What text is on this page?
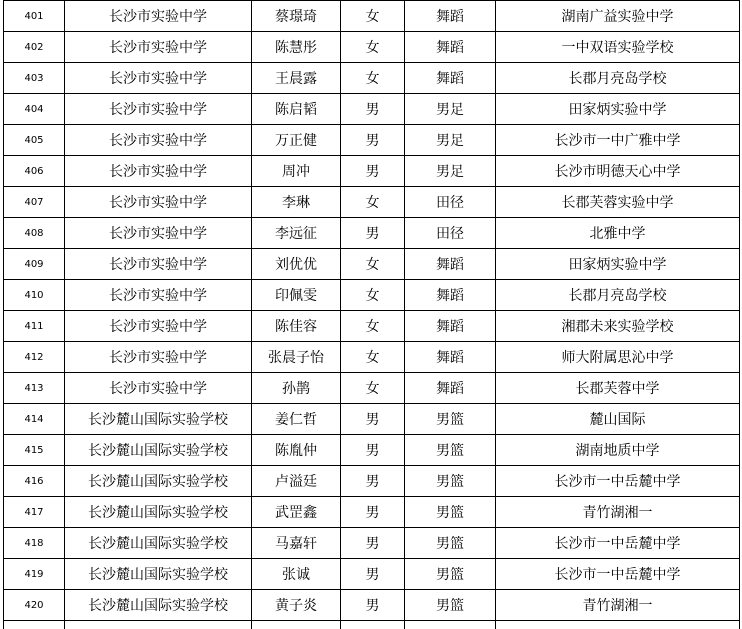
401	长沙市实验中学	蔡璟琦	女	舞蹈	湖南广益实验中学
402	长沙市实验中学	陈慧彤	女	舞蹈	一中双语实验学校
403	长沙市实验中学	王晨露	女	舞蹈	长郡月亮岛学校
404	长沙市实验中学	陈启韬	男	男足	田家炳实验中学
405	长沙市实验中学	万正健	男	男足	长沙市一中广雅中学
406	长沙市实验中学	周冲	男	男足	长沙市明德天心中学
407	长沙市实验中学	李琳	女	田径	长郡芙蓉实验中学
408	长沙市实验中学	李远征	男	田径	北雅中学
409	长沙市实验中学	刘优优	女	舞蹈	田家炳实验中学
410	长沙市实验中学	印佩雯	女	舞蹈	长郡月亮岛学校
411	长沙市实验中学	陈佳容	女	舞蹈	湘郡未来实验学校
412	长沙市实验中学	张晨子怡	女	舞蹈	师大附属思沁中学
413	长沙市实验中学	孙鹊	女	舞蹈	长郡芙蓉中学
414	长沙麓山国际实验学校	姜仁哲	男	男篮	麓山国际
415	长沙麓山国际实验学校	陈胤仲	男	男篮	湖南地质中学
416	长沙麓山国际实验学校	卢溢廷	男	男篮	长沙市一中岳麓中学
417	长沙麓山国际实验学校	武罡鑫	男	男篮	青竹湖湘一
418	长沙麓山国际实验学校	马嘉轩	男	男篮	长沙市一中岳麓中学
419	长沙麓山国际实验学校	张诚	男	男篮	长沙市一中岳麓中学
420	长沙麓山国际实验学校	黄子炎	男	男篮	青竹湖湘一
